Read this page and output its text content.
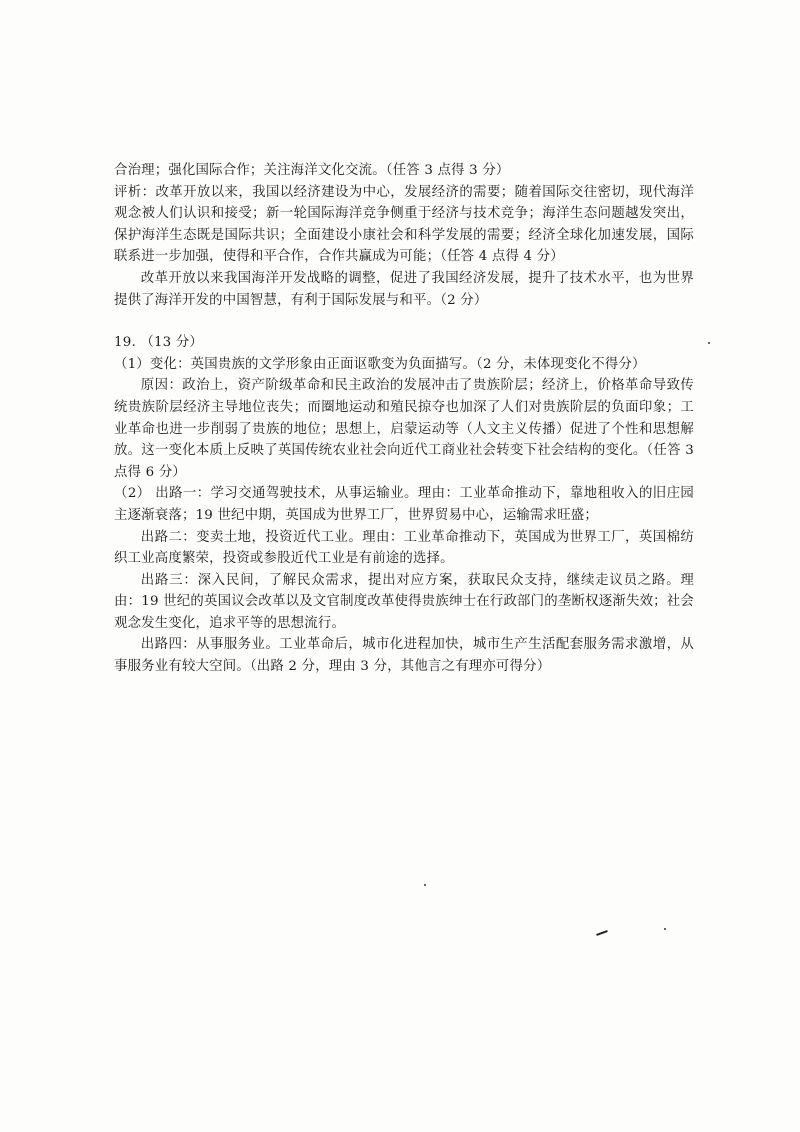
合治理；强化国际合作；关注海洋文化交流。（任答 3 点得 3 分）

评析：改革开放以来，我国以经济建设为中心，发展经济的需要；随着国际交往密切，现代海洋观念被人们认识和接受；新一轮国际海洋竞争侧重于经济与技术竞争；海洋生态问题越发突出，保护海洋生态既是国际共识；全面建设小康社会和科学发展的需要；经济全球化加速发展，国际联系进一步加强，使得和平合作，合作共赢成为可能；（任答 4 点得 4 分）

改革开放以来我国海洋开发战略的调整，促进了我国经济发展，提升了技术水平，也为世界提供了海洋开发的中国智慧，有利于国际发展与和平。（2 分）

19. （13 分）

（1）变化：英国贵族的文学形象由正面讴歌变为负面描写。（2 分，未体现变化不得分）

原因：政治上，资产阶级革命和民主政治的发展冲击了贵族阶层；经济上，价格革命导致传统贵族阶层经济主导地位丧失；而圈地运动和殖民掠夺也加深了人们对贵族阶层的负面印象；工业革命也进一步削弱了贵族的地位；思想上，启蒙运动等（人文主义传播）促进了个性和思想解放。这一变化本质上反映了英国传统农业社会向近代工商业社会转变下社会结构的变化。（任答 3 点得 6 分）

（2） 出路一：学习交通驾驶技术，从事运输业。理由：工业革命推动下，靠地租收入的旧庄园主逐渐衰落；19 世纪中期，英国成为世界工厂，世界贸易中心，运输需求旺盛；

出路二：变卖土地，投资近代工业。理由：工业革命推动下，英国成为世界工厂，英国棉纺织工业高度繁荣，投资或参股近代工业是有前途的选择。

出路三：深入民间，了解民众需求，提出对应方案，获取民众支持，继续走议员之路。理由：19 世纪的英国议会改革以及文官制度改革使得贵族绅士在行政部门的垄断权逐渐失效；社会观念发生变化，追求平等的思想流行。

出路四：从事服务业。工业革命后，城市化进程加快，城市生产生活配套服务需求激增，从事服务业有较大空间。（出路 2 分，理由 3 分，其他言之有理亦可得分）
